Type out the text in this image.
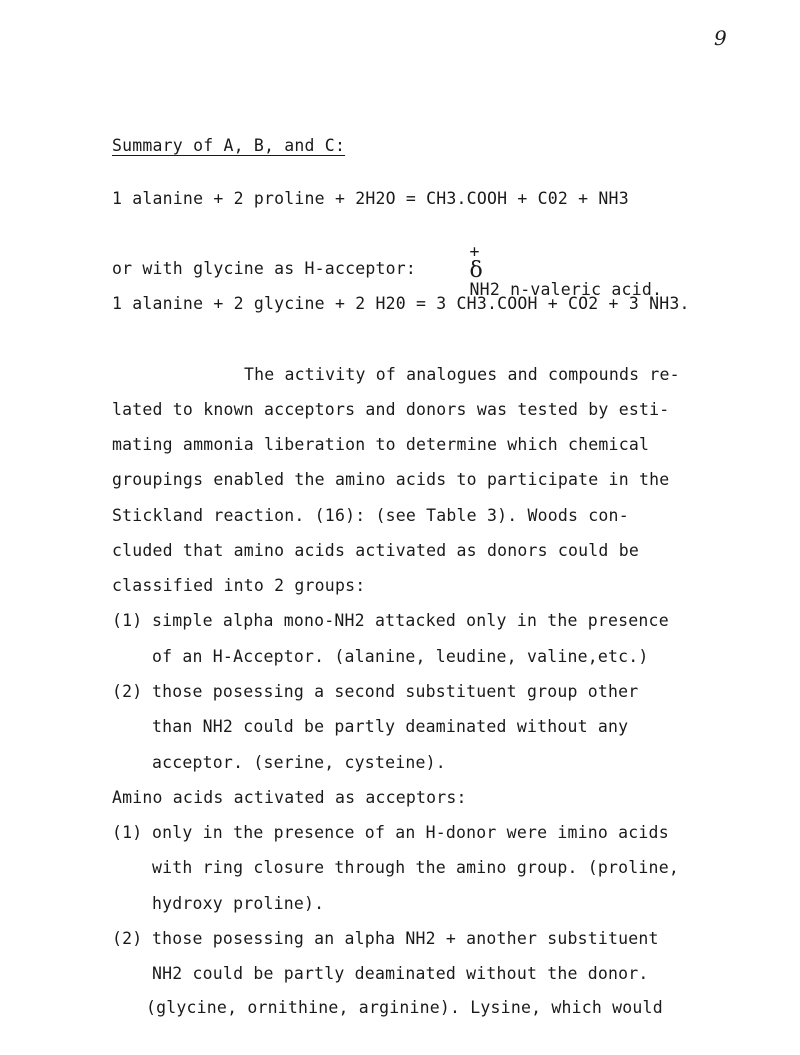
9
Summary of A, B, and C:
1 alanine + 2 proline + 2H2O = CH3.COOH + C02 + NH3

+
δ
NH2 n-valeric acid.

or with glycine as H-acceptor:
1 alanine + 2 glycine + 2 H20 = 3 CH3.COOH + CO2 + 3 NH3.
The activity of analogues and compounds re-
lated to known acceptors and donors was tested by esti-
mating ammonia liberation to determine which chemical
groupings enabled the amino acids to participate in the
Stickland reaction. (16): (see Table 3). Woods con-
cluded that amino acids activated as donors could be
classified into 2 groups:
(1) simple alpha mono-NH2 attacked only in the presence
of an H-Acceptor. (alanine, leudine, valine,etc.)
(2) those posessing a second substituent group other
than NH2 could be partly deaminated without any
acceptor. (serine, cysteine).
Amino acids activated as acceptors:
(1) only in the presence of an H-donor were imino acids
with ring closure through the amino group. (proline,
hydroxy proline).
(2) those posessing an alpha NH2 + another substituent
NH2 could be partly deaminated without the donor.
(glycine, ornithine, arginine). Lysine, which would
